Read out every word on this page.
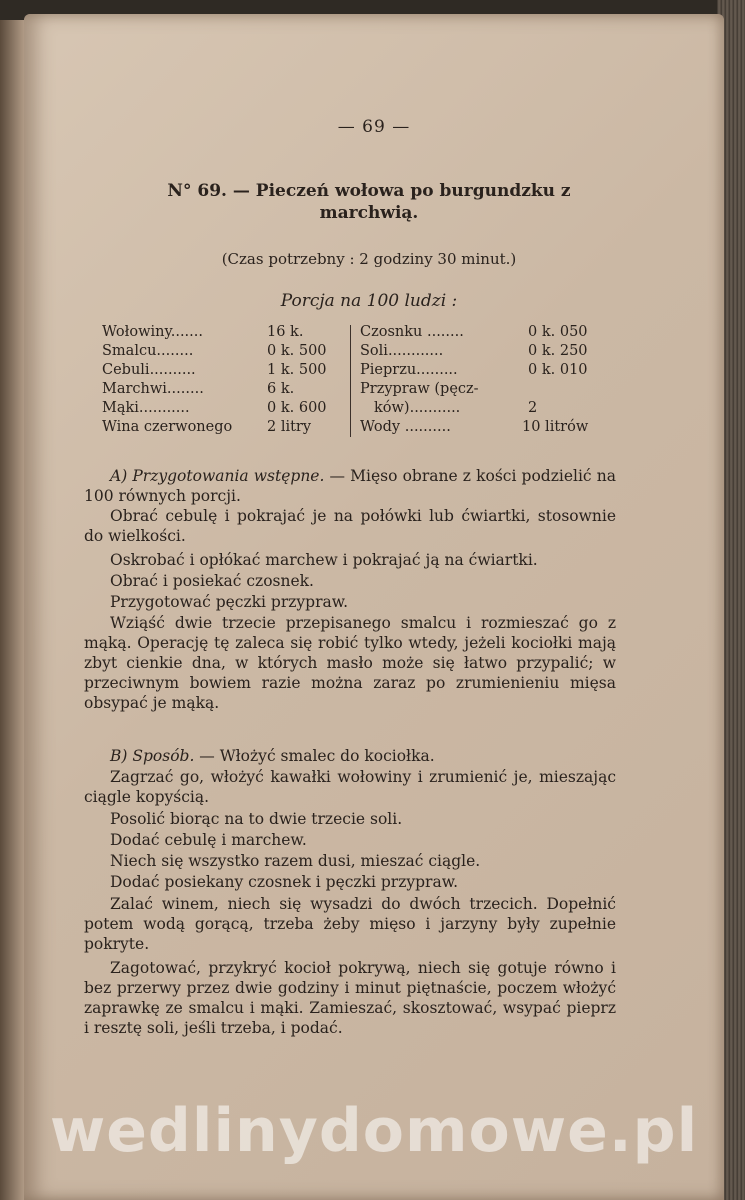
— 69 —
N° 69. — Pieczeń wołowa po burgundzku z marchwią.
(Czas potrzebny : 2 godziny 30 minut.)
Porcja na 100 ludzi :
Wołowiny.......	16 k.
Smalcu........	0 k. 500
Cebuli..........	1 k. 500
Marchwi........	6 k.
Mąki...........	0 k. 600
Wina czerwonego 2 litry
Czosnku ........	0 k. 050
Soli............	0 k. 250
Pieprzu.........	0 k. 010
Przypraw (pęcz-
ków)...........	2
Wody ..........	10 litrów
A) Przygotowania wstępne. — Mięso obrane z kości podzielić na 100 równych porcji.
Obrać cebulę i pokrajać je na połówki lub ćwiartki, stosownie do wielkości.
Oskrobać i opłókać marchew i pokrajać ją na ćwiartki.
Obrać i posiekać czosnek.
Przygotować pęczki przypraw.
Wziąść dwie trzecie przepisanego smalcu i rozmieszać go z mąką. Operację tę zaleca się robić tylko wtedy, jeżeli kociołki mają zbyt cienkie dna, w których masło może się łatwo przypalić; w przeciwnym bowiem razie można zaraz po zrumienieniu mięsa obsypać je mąką.
B) Sposób. — Włożyć smalec do kociołka.
Zagrzać go, włożyć kawałki wołowiny i zrumienić je, mieszając ciągle kopyścią.
Posolić biorąc na to dwie trzecie soli.
Dodać cebulę i marchew.
Niech się wszystko razem dusi, mieszać ciągle.
Dodać posiekany czosnek i pęczki przypraw.
Zalać winem, niech się wysadzi do dwóch trzecich. Dopełnić potem wodą gorącą, trzeba żeby mięso i jarzyny były zupełnie pokryte.
Zagotować, przykryć kocioł pokrywą, niech się gotuje równo i bez przerwy przez dwie godziny i minut piętnaście, poczem włożyć zaprawkę ze smalcu i mąki. Zamieszać, skosztować, wsypać pieprz i resztę soli, jeśli trzeba, i podać.
wedlinydomowe.pl
